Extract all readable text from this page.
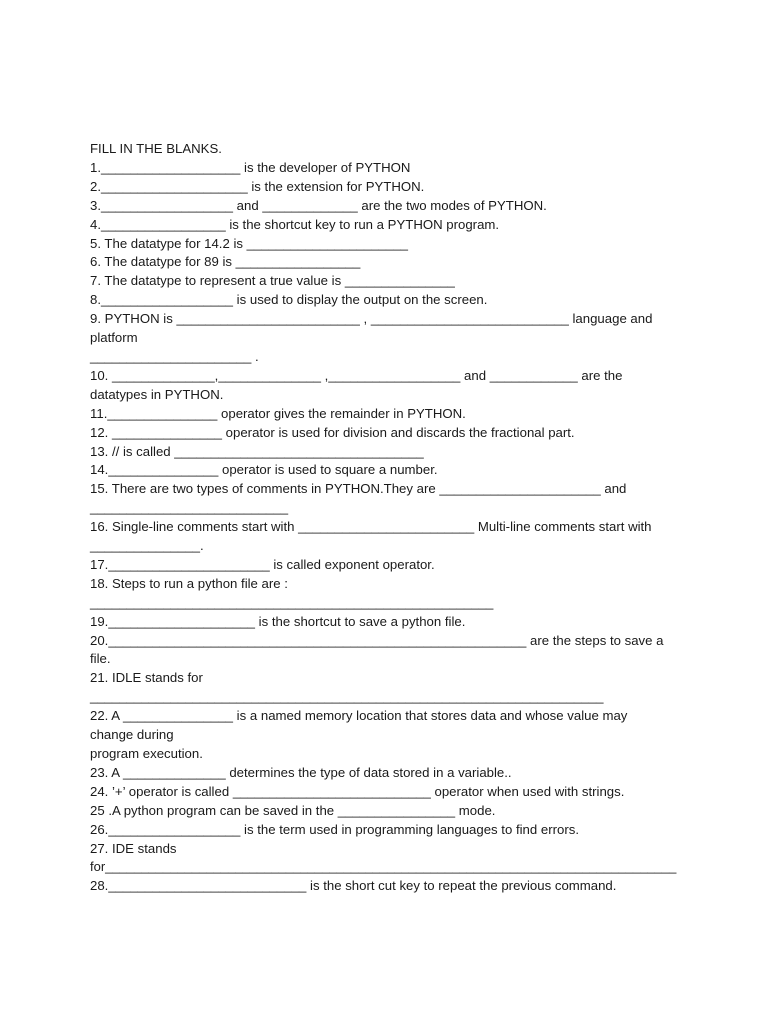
FILL IN THE BLANKS.
1.___________________ is the developer of PYTHON
2.____________________ is the extension for PYTHON.
3.__________________ and _____________ are the two modes of PYTHON.
4._________________ is the shortcut key to run a PYTHON program.
5. The datatype for 14.2 is ______________________
6. The datatype for 89 is _________________
7. The datatype to represent a true value is _______________
8.__________________ is used to display the output on the screen.
9. PYTHON is _________________________ , ___________________________ language and
platform
______________________ .
10. ______________,______________ ,__________________ and ____________ are the
datatypes in PYTHON.
11._______________ operator gives the remainder in PYTHON.
12. _______________ operator is used for division and discards the fractional part.
13. // is called __________________________________
14._______________ operator is used to square a number.
15. There are two types of comments in PYTHON.They are ______________________ and
___________________________
16. Single-line comments start with ________________________ Multi-line comments start with
_______________.
17.______________________ is called exponent operator.
18. Steps to run a python file are :
_______________________________________________________
19.____________________ is the shortcut to save a python file.
20._________________________________________________________ are the steps to save a
file.
21. IDLE stands for
______________________________________________________________________
22. A _______________ is a named memory location that stores data and whose value may
change during
program execution.
23. A ______________ determines the type of data stored in a variable..
24. ’+’ operator is called ___________________________ operator when used with strings.
25 .A python program can be saved in the ________________ mode.
26.__________________ is the term used in programming languages to find errors.
27. IDE stands
for_______________________________________________________________________________
28.___________________________ is the short cut key to repeat the previous command.
